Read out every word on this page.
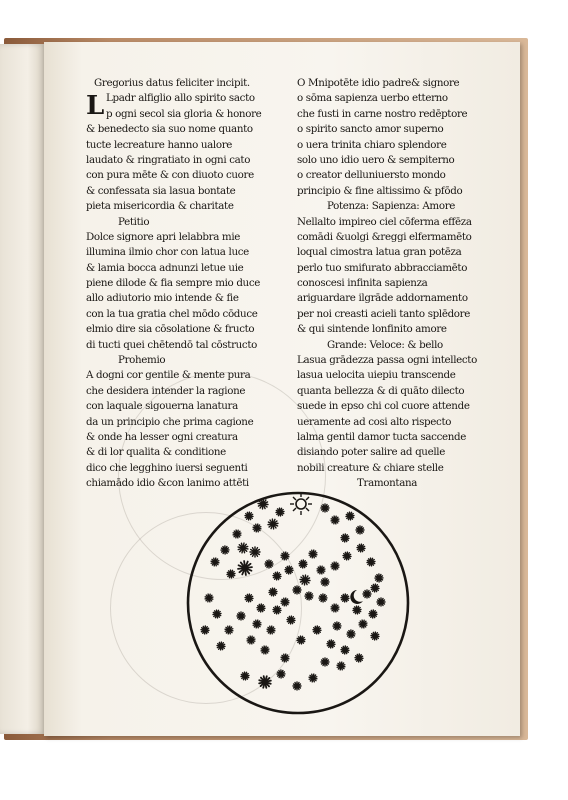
L
Gregorius datus feliciter incipit.
Lpadr alfiglio allo spirito sacto
p ogni secol sia gloria & honore
& benedecto sia suo nome quanto
tucte lecreature hanno ualore
laudato & ringratiato in ogni cato
con pura mēte & con diuoto cuore
& confessata sia lasua bontate
pieta misericordia & charitate
Petitio
Dolce signore apri lelabbra mie
illumina ilmio chor con latua luce
& lamia bocca adnunzi letue uie
piene dilode & fia sempre mio duce
allo adiutorio mio intende & fie
con la tua gratia chel mōdo cōduce
elmio dire sia cōsolatione & fructo
di tucti quei chētendō tal cōstructo
Prohemio
A dogni cor gentile & mente pura
che desidera intender la ragione
con laquale sigouerna lanatura
da un principio che prima cagione
& onde ha lesser ogni creatura
& di lor qualita & conditione
dico che legghino iuersi seguenti
chiamādo idio &con lanimo attēti
O Mnipotēte idio padre& signore
o sōma sapienza uerbo etterno
che fusti in carne nostro redēptore
o spirito sancto amor superno
o uera trinita chiaro splendore
solo uno idio uero & sempiterno
o creator delluniuersto mondo
principio & fine altissimo & pfōdo
Potenza: Sapienza: Amore
Nellalto impireo ciel cōferma effēza
comādi &uolgi &reggi elfermamēto
loqual cimostra latua gran potēza
perlo tuo smifurato abbracciamēto
conoscesi infinita sapienza
ariguardare ilgrāde addornamento
per noi creasti acieli tanto splēdore
& qui sintende lonfinito amore
Grande: Veloce: & bello
Lasua grādezza passa ogni intellecto
lasua uelocita uiepiu transcende
quanta bellezza & di quāto dilecto
suede in epso chi col cuore attende
ueramente ad cosi alto rispecto
lalma gentil damor tucta saccende
disiando poter salire ad quelle
nobili creature & chiare stelle
Tramontana
